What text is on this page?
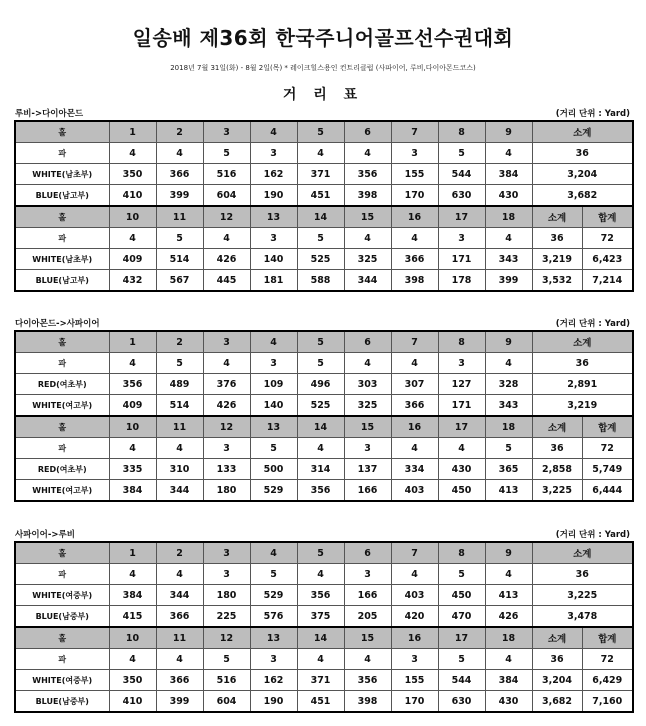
일송배 제36회 한국주니어골프선수권대회
2018년 7월 31일(화) - 8월 2일(목) * 레이크힐스용인 컨트리클럽 (사파이어, 루비,다이아몬드코스)
거 리 표
루비->다이아몬드	(거리 단위 : Yard)
홀	1	2	3	4	5	6	7	8	9	소계	
파	4	4	5	3	4	4	3	5	4	36	
WHITE(남초부)	350	366	516	162	371	356	155	544	384	3,204	
BLUE(남고부)	410	399	604	190	451	398	170	630	430	3,682	
홀	10	11	12	13	14	15	16	17	18	소계	합계
파	4	5	4	3	5	4	4	3	4	36	72
WHITE(남초부)	409	514	426	140	525	325	366	171	343	3,219	6,423
BLUE(남고부)	432	567	445	181	588	344	398	178	399	3,532	7,214
다이아몬드->사파이어	(거리 단위 : Yard)
홀	1	2	3	4	5	6	7	8	9	소계	
파	4	5	4	3	5	4	4	3	4	36	
RED(여초부)	356	489	376	109	496	303	307	127	328	2,891	
WHITE(여고부)	409	514	426	140	525	325	366	171	343	3,219	
홀	10	11	12	13	14	15	16	17	18	소계	합계
파	4	4	3	5	4	3	4	4	5	36	72
RED(여초부)	335	310	133	500	314	137	334	430	365	2,858	5,749
WHITE(여고부)	384	344	180	529	356	166	403	450	413	3,225	6,444
사파이어->루비	(거리 단위 : Yard)
홀	1	2	3	4	5	6	7	8	9	소계	
파	4	4	3	5	4	3	4	5	4	36	
WHITE(여중부)	384	344	180	529	356	166	403	450	413	3,225	
BLUE(남중부)	415	366	225	576	375	205	420	470	426	3,478	
홀	10	11	12	13	14	15	16	17	18	소계	합계
파	4	4	5	3	4	4	3	5	4	36	72
WHITE(여중부)	350	366	516	162	371	356	155	544	384	3,204	6,429
BLUE(남중부)	410	399	604	190	451	398	170	630	430	3,682	7,160
